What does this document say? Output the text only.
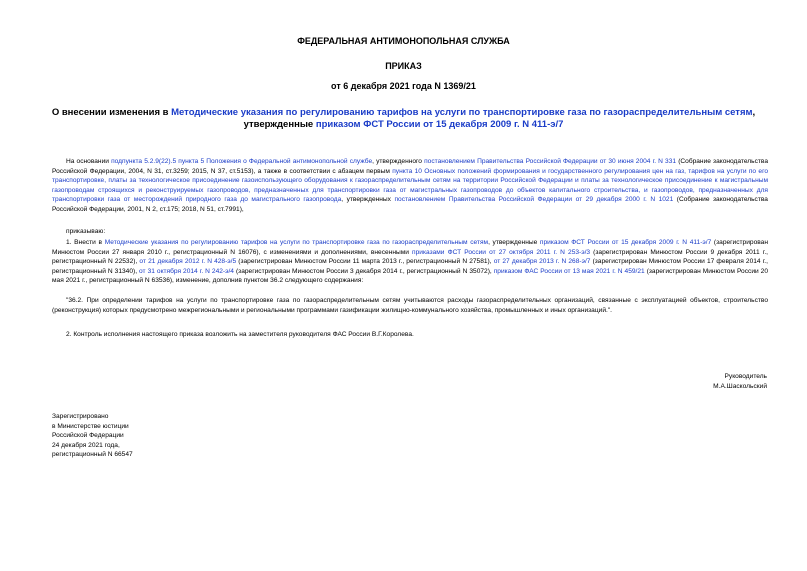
ФЕДЕРАЛЬНАЯ АНТИМОНОПОЛЬНАЯ СЛУЖБА
ПРИКАЗ
от 6 декабря 2021 года N 1369/21
О внесении изменения в Методические указания по регулированию тарифов на услуги по транспортировке газа по газораспределительным сетям, утвержденные приказом ФСТ России от 15 декабря 2009 г. N 411-э/7
На основании подпункта 5.2.9(22).5 пункта 5 Положения о Федеральной антимонопольной службе, утвержденного постановлением Правительства Российской Федерации от 30 июня 2004 г. N 331 (Собрание законодательства Российской Федерации, 2004, N 31, ст.3259; 2015, N 37, ст.5153), а также в соответствии с абзацем первым пункта 10 Основных положений формирования и государственного регулирования цен на газ, тарифов на услуги по его транспортировке, платы за технологическое присоединение газоиспользующего оборудования к газораспределительным сетям на территории Российской Федерации и платы за технологическое присоединение к магистральным газопроводам строящихся и реконструируемых газопроводов, предназначенных для транспортировки газа от магистральных газопроводов до объектов капитального строительства, и газопроводов, предназначенных для транспортировки газа от месторождений природного газа до магистрального газопровода, утвержденных постановлением Правительства Российской Федерации от 29 декабря 2000 г. N 1021 (Собрание законодательства Российской Федерации, 2001, N 2, ст.175; 2018, N 51, ст.7991),
приказываю:
1. Внести в Методические указания по регулированию тарифов на услуги по транспортировке газа по газораспределительным сетям, утвержденные приказом ФСТ России от 15 декабря 2009 г. N 411-э/7 (зарегистрирован Минюстом России 27 января 2010 г., регистрационный N 16076), с изменениями и дополнениями, внесенными приказами ФСТ России от 27 октября 2011 г. N 253-э/3 (зарегистрирован Минюстом России 9 декабря 2011 г., регистрационный N 22532), от 21 декабря 2012 г. N 428-э/5 (зарегистрирован Минюстом России 11 марта 2013 г., регистрационный N 27581), от 27 декабря 2013 г. N 268-э/7 (зарегистрирован Минюстом России 17 февраля 2014 г., регистрационный N 31340), от 31 октября 2014 г. N 242-э/4 (зарегистрирован Минюстом России 3 декабря 2014 г., регистрационный N 35072), приказом ФАС России от 13 мая 2021 г. N 459/21 (зарегистрирован Минюстом России 20 мая 2021 г., регистрационный N 63536), изменение, дополнив пунктом 36.2 следующего содержания:
"36.2. При определении тарифов на услуги по транспортировке газа по газораспределительным сетям учитываются расходы газораспределительных организаций, связанные с эксплуатацией объектов, строительство (реконструкция) которых предусмотрено межрегиональными и региональными программами газификации жилищно-коммунального хозяйства, промышленных и иных организаций.".
2. Контроль исполнения настоящего приказа возложить на заместителя руководителя ФАС России В.Г.Королева.
Руководитель
М.А.Шаскольский
Зарегистрировано
в Министерстве юстиции
Российской Федерации
24 декабря 2021 года,
регистрационный N 66547
